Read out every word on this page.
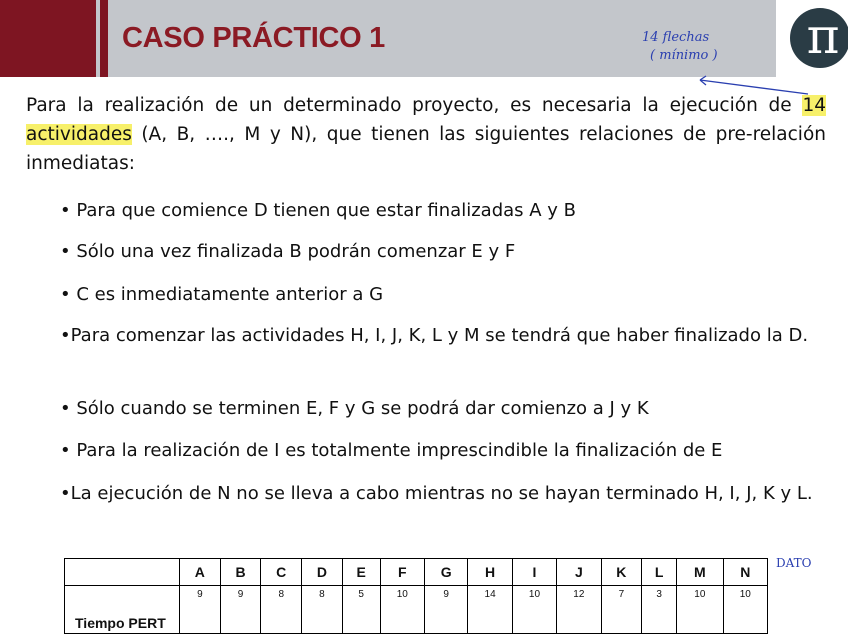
CASO PRÁCTICO 1	π
14 flechas
( mínimo )
Para la realización de un determinado proyecto, es necesaria la ejecución de 14 actividades (A, B, …., M y N), que tienen las siguientes relaciones de pre-relación inmediatas:
• Para que comience D tienen que estar finalizadas A y B
• Sólo una vez finalizada B podrán comenzar E y F
• C es inmediatamente anterior a G
•Para comenzar las actividades H, I, J, K, L y M se tendrá que haber finalizado la D.
• Sólo cuando se terminen E, F y G se podrá dar comienzo a J y K
• Para la realización de I es totalmente imprescindible la finalización de E
•La ejecución de N no se lleva a cabo mientras no se hayan terminado H, I, J, K y L.
DATO
	A	B	C	D	E	F	G	H	I	J	K	L	M	N
Tiempo PERT	9	9	8	8	5	10	9	14	10	12	7	3	10	10
